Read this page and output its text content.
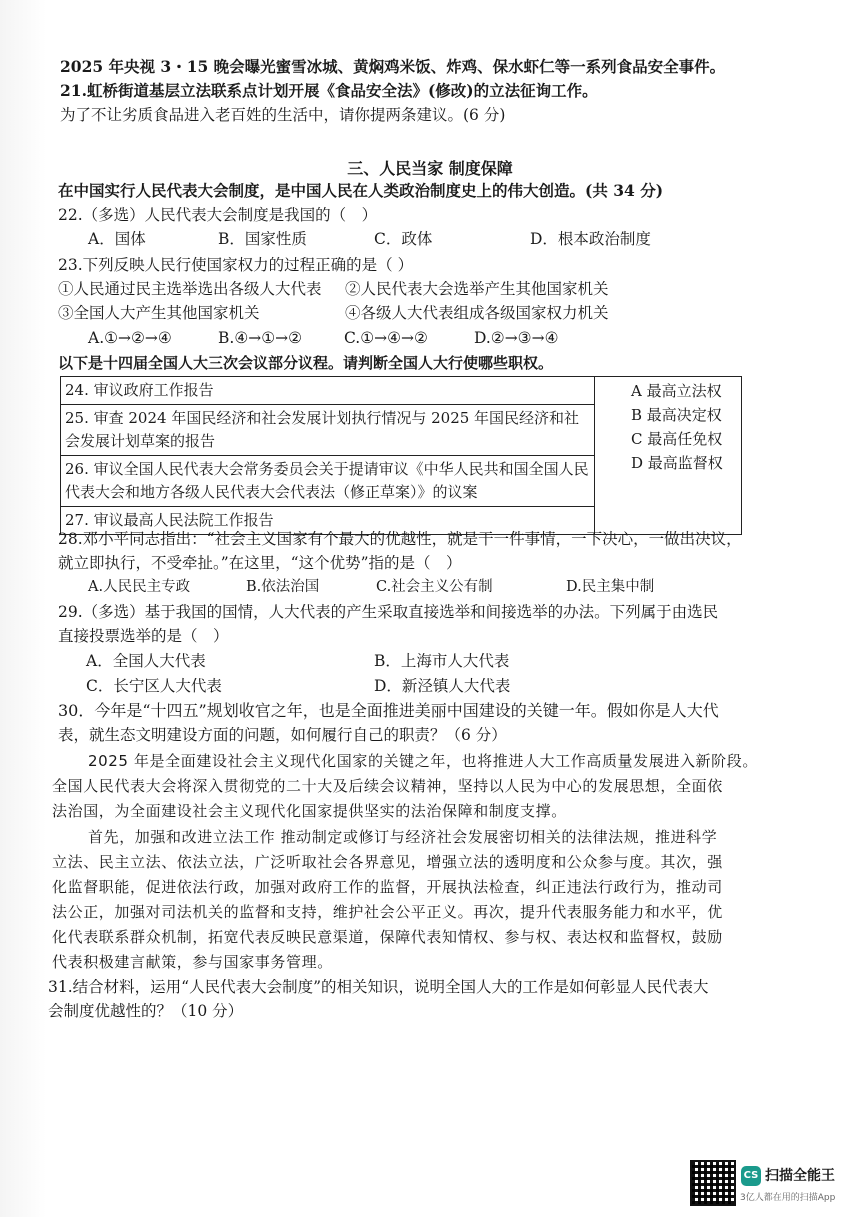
2025 年央视 3・15 晚会曝光蜜雪冰城、黄焖鸡米饭、炸鸡、保水虾仁等一系列食品安全事件。
21.虹桥街道基层立法联系点计划开展《食品安全法》(修改)的立法征询工作。
为了不让劣质食品进入老百姓的生活中，请你提两条建议。(6 分)
三、人民当家 制度保障
在中国实行人民代表大会制度，是中国人民在人类政治制度史上的伟大创造。(共 34 分)
22.（多选）人民代表大会制度是我国的（　）
A．国体	B．国家性质	C．政体	D．根本政治制度
23.下列反映人民行使国家权力的过程正确的是（ ）
①人民通过民主选举选出各级人大代表 ②人民代表大会选举产生其他国家机关
③全国人大产生其他国家机关	④各级人大代表组成各级国家权力机关
A.①→②→④	B.④→①→②	C.①→④→②	D.②→③→④
以下是十四届全国人大三次会议部分议程。请判断全国人大行使哪些职权。
24. 审议政府工作报告	A 最高立法权
B 最高决定权
C 最高任免权
D 最高监督权

25. 审查 2024 年国民经济和社会发展计划执行情况与 2025 年国民经济和社会发展计划草案的报告
26. 审议全国人民代表大会常务委员会关于提请审议《中华人民共和国全国人民代表大会和地方各级人民代表大会代表法（修正草案）》的议案
27. 审议最高人民法院工作报告
28.邓小平同志指出：“社会主义国家有个最大的优越性，就是干一件事情，一下决心，一做出决议，
就立即执行，不受牵扯。”在这里，“这个优势”指的是（　）
A.人民民主专政	B.依法治国	C.社会主义公有制	D.民主集中制
29.（多选）基于我国的国情，人大代表的产生采取直接选举和间接选举的办法。下列属于由选民
直接投票选举的是（　）
A．全国人大代表	B．上海市人大代表
C．长宁区人大代表	D．新泾镇人大代表
30．今年是“十四五”规划收官之年，也是全面推进美丽中国建设的关键一年。假如你是人大代
表，就生态文明建设方面的问题，如何履行自己的职责？（6 分）
2025 年是全面建设社会主义现代化国家的关键之年，也将推进人大工作高质量发展进入新阶段。
全国人民代表大会将深入贯彻党的二十大及后续会议精神，坚持以人民为中心的发展思想，全面依
法治国，为全面建设社会主义现代化国家提供坚实的法治保障和制度支撑。
首先，加强和改进立法工作 推动制定或修订与经济社会发展密切相关的法律法规，推进科学
立法、民主立法、依法立法，广泛听取社会各界意见，增强立法的透明度和公众参与度。其次，强
化监督职能，促进依法行政，加强对政府工作的监督，开展执法检查，纠正违法行政行为，推动司
法公正，加强对司法机关的监督和支持，维护社会公平正义。再次，提升代表服务能力和水平，优
化代表联系群众机制，拓宽代表反映民意渠道，保障代表知情权、参与权、表达权和监督权，鼓励
代表积极建言献策，参与国家事务管理。
31.结合材料，运用“人民代表大会制度”的相关知识，说明全国人大的工作是如何彰显人民代表大
会制度优越性的？（10 分）
CS 扫描全能王
3亿人都在用的扫描App
